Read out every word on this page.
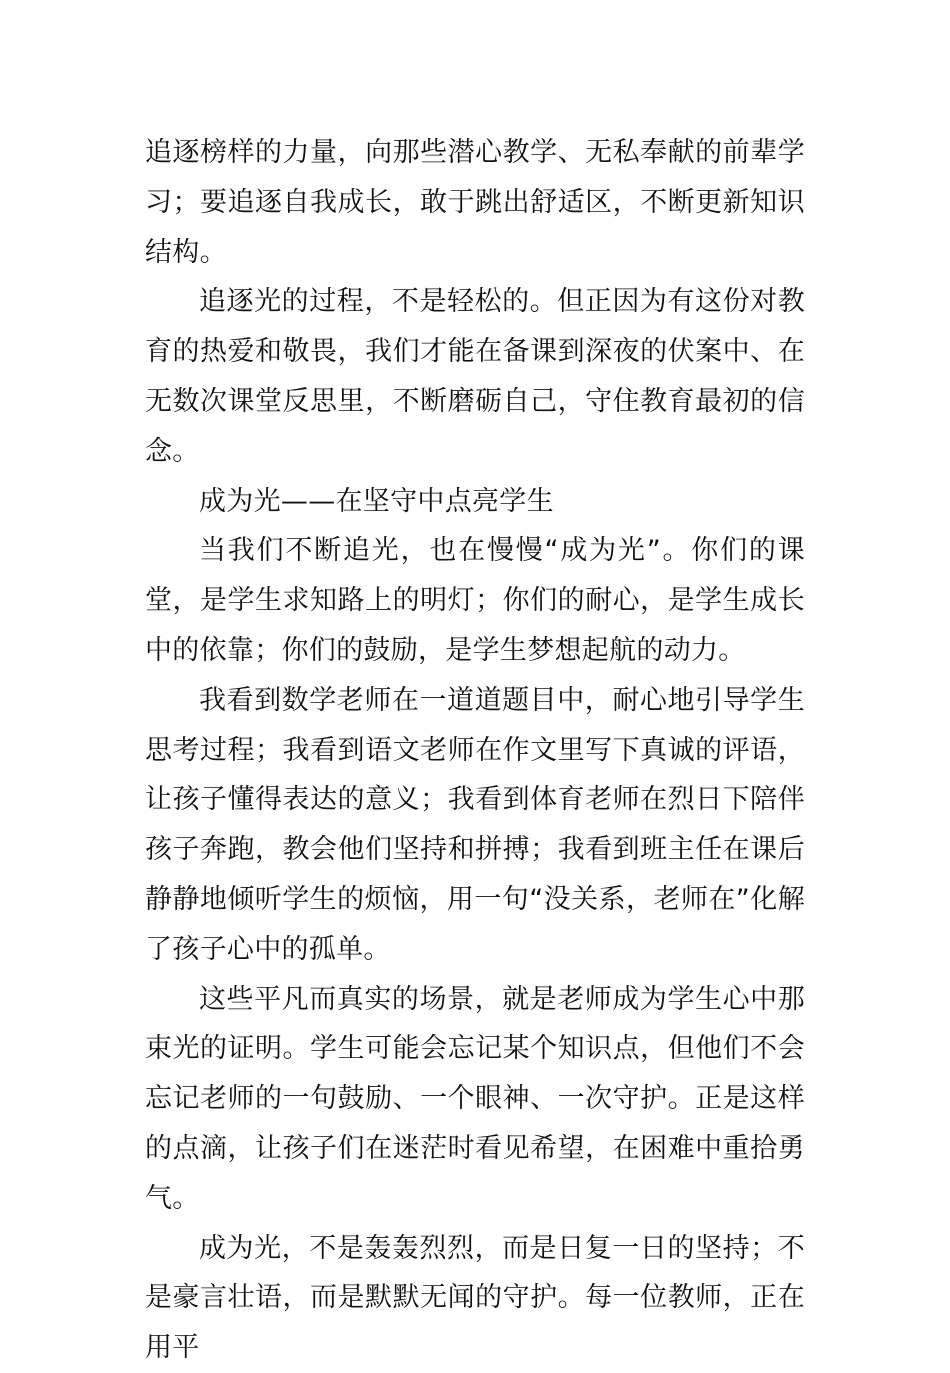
追逐榜样的力量，向那些潜心教学、无私奉献的前辈学习；要追逐自我成长，敢于跳出舒适区，不断更新知识结构。

追逐光的过程，不是轻松的。但正因为有这份对教育的热爱和敬畏，我们才能在备课到深夜的伏案中、在无数次课堂反思里，不断磨砺自己，守住教育最初的信念。

成为光——在坚守中点亮学生

当我们不断追光，也在慢慢“成为光”。你们的课堂，是学生求知路上的明灯；你们的耐心，是学生成长中的依靠；你们的鼓励，是学生梦想起航的动力。

我看到数学老师在一道道题目中，耐心地引导学生思考过程；我看到语文老师在作文里写下真诚的评语，让孩子懂得表达的意义；我看到体育老师在烈日下陪伴孩子奔跑，教会他们坚持和拼搏；我看到班主任在课后静静地倾听学生的烦恼，用一句“没关系，老师在”化解了孩子心中的孤单。

这些平凡而真实的场景，就是老师成为学生心中那束光的证明。学生可能会忘记某个知识点，但他们不会忘记老师的一句鼓励、一个眼神、一次守护。正是这样的点滴，让孩子们在迷茫时看见希望，在困难中重拾勇气。

成为光，不是轰轰烈烈，而是日复一日的坚持；不是豪言壮语，而是默默无闻的守护。每一位教师，正在用平
